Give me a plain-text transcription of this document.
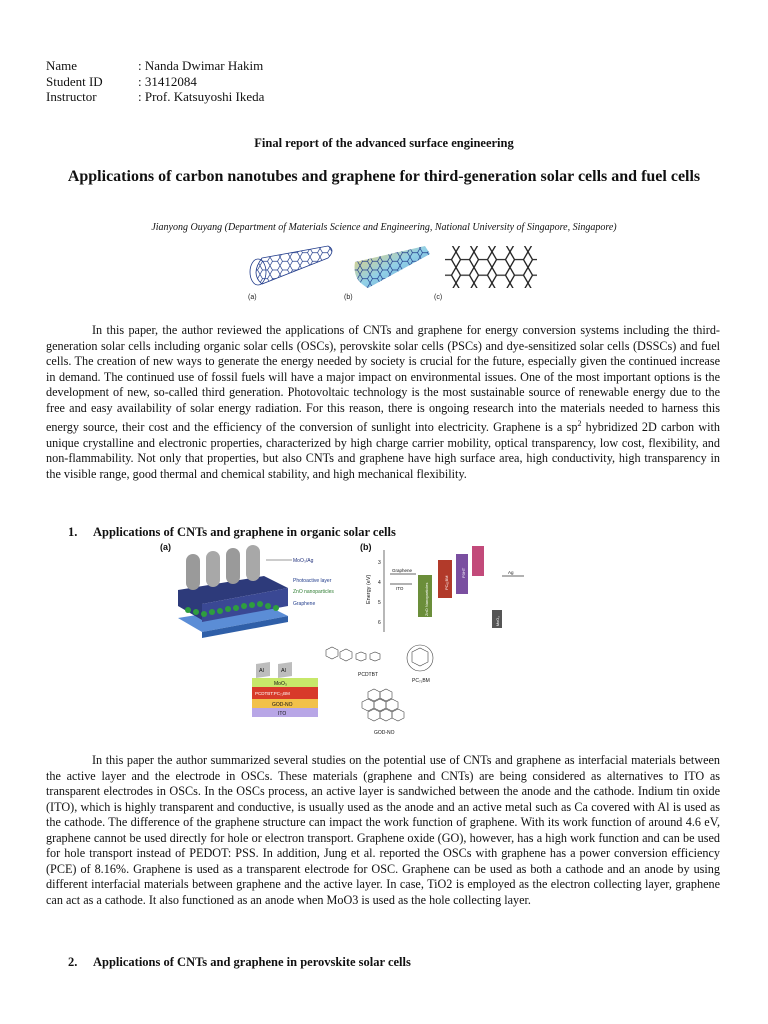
Name	: Nanda Dwimar Hakim
Student ID	: 31412084
Instructor	: Prof. Katsuyoshi Ikeda
Final report of the advanced surface engineering
Applications of carbon nanotubes and graphene for third-generation solar cells and fuel cells
Jianyong Ouyang (Department of Materials Science and Engineering, National University of Singapore, Singapore)
(a)	(b)	(c)

In this paper, the author reviewed the applications of CNTs and graphene for energy conversion systems including the third-generation solar cells including organic solar cells (OSCs), perovskite solar cells (PSCs) and dye-sensitized solar cells (DSSCs) and fuel cells. The creation of new ways to generate the energy needed by society is crucial for the future, especially given the continued increase in demand. The continued use of fossil fuels will have a major impact on environmental issues. One of the most important options is the development of new, so-called third generation. Photovoltaic technology is the most sustainable source of renewable energy due to the free and easy availability of solar energy radiation. For this reason, there is ongoing research into the materials needed to harness this energy source, their cost and the efficiency of the conversion of sunlight into electricity. Graphene is a $sp^2$ hybridized 2D carbon with unique crystalline and electronic properties, characterized by high charge carrier mobility, optical transparency, low cost, flexibility, and non-flammability. Not only that properties, but also CNTs and graphene have high surface area, high conductivity, high transparency in the visible range, good thermal and chemical stability, and high mechanical flexibility.

1. Applications of CNTs and graphene in organic solar cells
(a)
MoO₃/Ag
Photoactive layer
ZnO nanoparticles
Graphene
(b)
Energy (eV)
3
4
5
6
Graphene
ITO	ZnO Nanoparticles	PC₆₁BM
P3HT	Ag
MoO₃
Al	Al
MoO₃
PCDTBT:PC₇₁BM
GOD-NO
ITO
PCDTBT
PC₇₁BM
GOD-NO

In this paper the author summarized several studies on the potential use of CNTs and graphene as interfacial materials between the active layer and the electrode in OSCs. These materials (graphene and CNTs) are being considered as alternatives to ITO as transparent electrodes in OSCs. In the OSCs process, an active layer is sandwiched between the anode and the cathode. Indium tin oxide (ITO), which is highly transparent and conductive, is usually used as the anode and an active metal such as Ca covered with Al is used as the cathode. The difference of the graphene structure can impact the work function of graphene. With its work function of around 4.6 eV, graphene cannot be used directly for hole or electron transport. Graphene oxide (GO), however, has a high work function and can be used for hole transport instead of PEDOT: PSS. In addition, Jung et al. reported the OSCs with graphene has a power conversion efficiency (PCE) of 8.16%. Graphene is used as a transparent electrode for OSC. Graphene can be used as both a cathode and an anode by using different interfacial materials between graphene and the active layer. In case, TiO2 is employed as the electron collecting layer, graphene can act as a cathode. It also functioned as an anode when MoO3 is used as the hole collecting layer.

2. Applications of CNTs and graphene in perovskite solar cells
